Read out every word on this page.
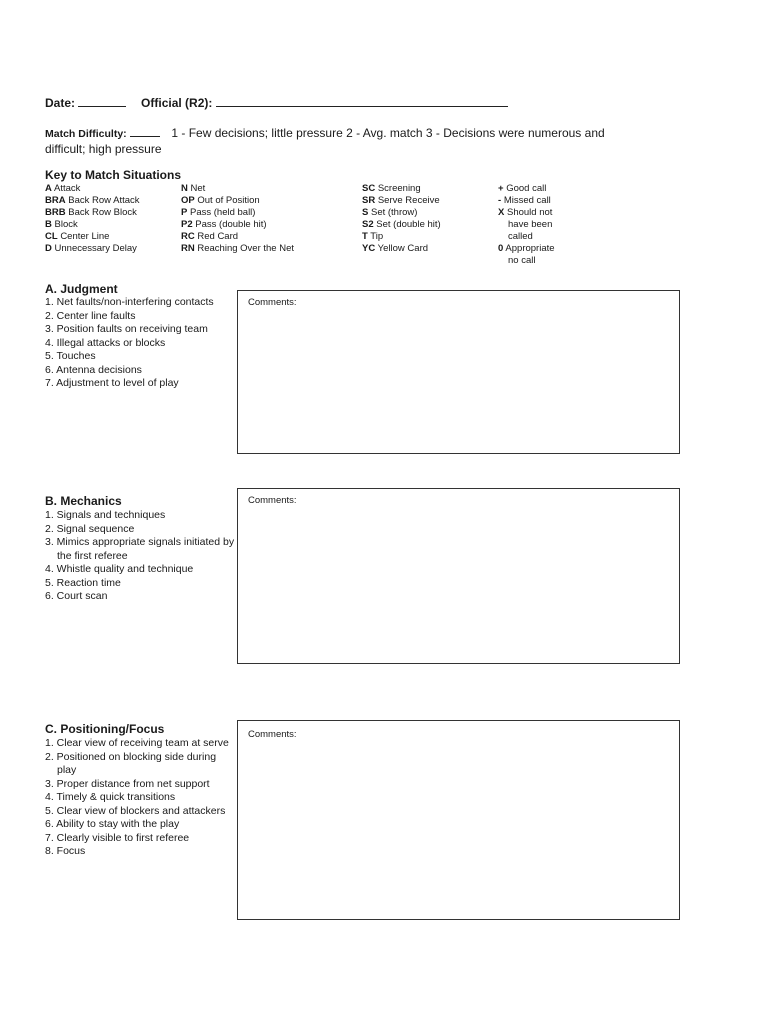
Date:	Official (R2):
Match Difficulty:	1 - Few decisions; little pressure 2 - Avg. match 3 - Decisions were numerous and difficult; high pressure
Key to Match Situations
A Attack
BRA Back Row Attack
BRB Back Row Block
B Block
CL Center Line
D Unnecessary Delay
N Net
OP Out of Position
P Pass (held ball)
P2 Pass (double hit)
RC Red Card
RN Reaching Over the Net
SC Screening
SR Serve Receive
S Set (throw)
S2 Set (double hit)
T Tip
YC Yellow Card
+ Good call
- Missed call
X Should not
have been
called
0 Appropriate
no call
A. Judgment
1. Net faults/non-interfering contacts
2. Center line faults
3. Position faults on receiving team
4. Illegal attacks or blocks
5. Touches
6. Antenna decisions
7. Adjustment to level of play
Comments:
B. Mechanics
1. Signals and techniques
2. Signal sequence
3. Mimics appropriate signals initiated by the first referee
4. Whistle quality and technique
5. Reaction time
6. Court scan
Comments:
C. Positioning/Focus
1. Clear view of receiving team at serve
2. Positioned on blocking side during play
3. Proper distance from net support
4. Timely & quick transitions
5. Clear view of blockers and attackers
6. Ability to stay with the play
7. Clearly visible to first referee
8. Focus
Comments:
